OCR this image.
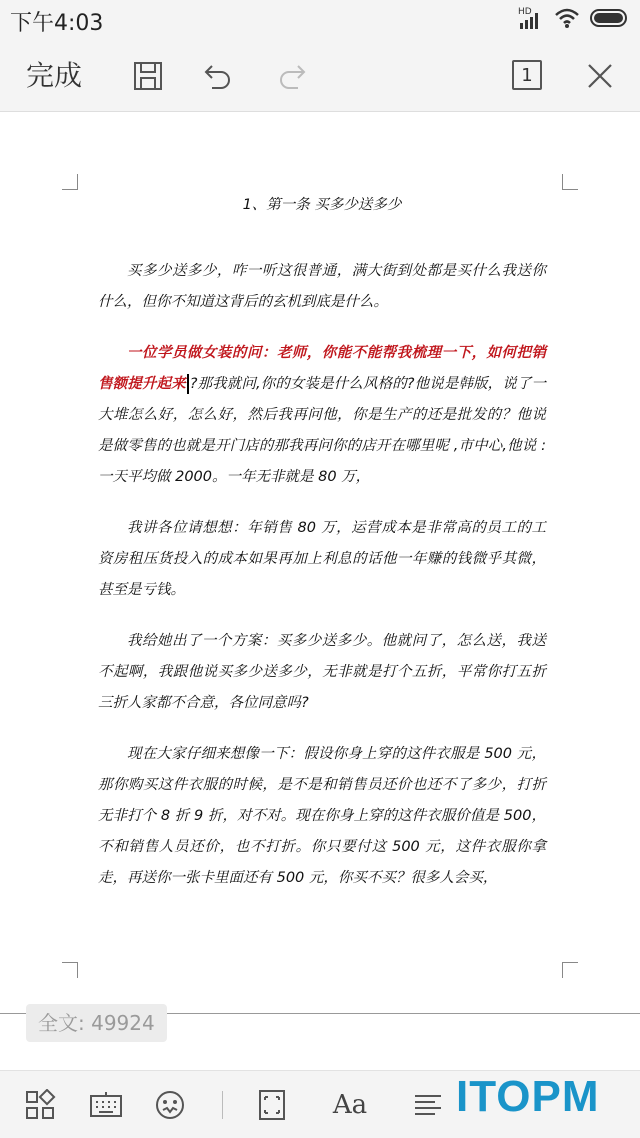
下午4:03	HD
完成	1
1、第一条 买多少送多少

买多少送多少，咋一听这很普通，满大街到处都是买什么我送你什么，但你不知道这背后的玄机到底是什么。

一位学员做女装的问：老师，你能不能帮我梳理一下，如何把销售额提升起来 ?那我就问,你的女装是什么风格的?他说是韩版，说了一大堆怎么好，怎么好，然后我再问他，你是生产的还是批发的？他说是做零售的也就是开门店的那我再问你的店开在哪里呢 ,市中心,他说 :一天平均做 2000。一年无非就是 80 万，

我讲各位请想想：年销售 80 万，运营成本是非常高的员工的工资房租压货投入的成本如果再加上利息的话他一年赚的钱微乎其微，甚至是亏钱。

我给她出了一个方案：买多少送多少。他就问了，怎么送，我送不起啊，我跟他说买多少送多少，无非就是打个五折，平常你打五折三折人家都不合意，各位同意吗?

现在大家仔细来想像一下：假设你身上穿的这件衣服是 500 元，那你购买这件衣服的时候，是不是和销售员还价也还不了多少，打折无非打个 8 折 9 折，对不对。现在你身上穿的这件衣服价值是 500，不和销售人员还价，也不打折。你只要付这 500 元，这件衣服你拿走，再送你一张卡里面还有 500 元，你买不买？很多人会买，

全文: 49924
Aa ITOPM
